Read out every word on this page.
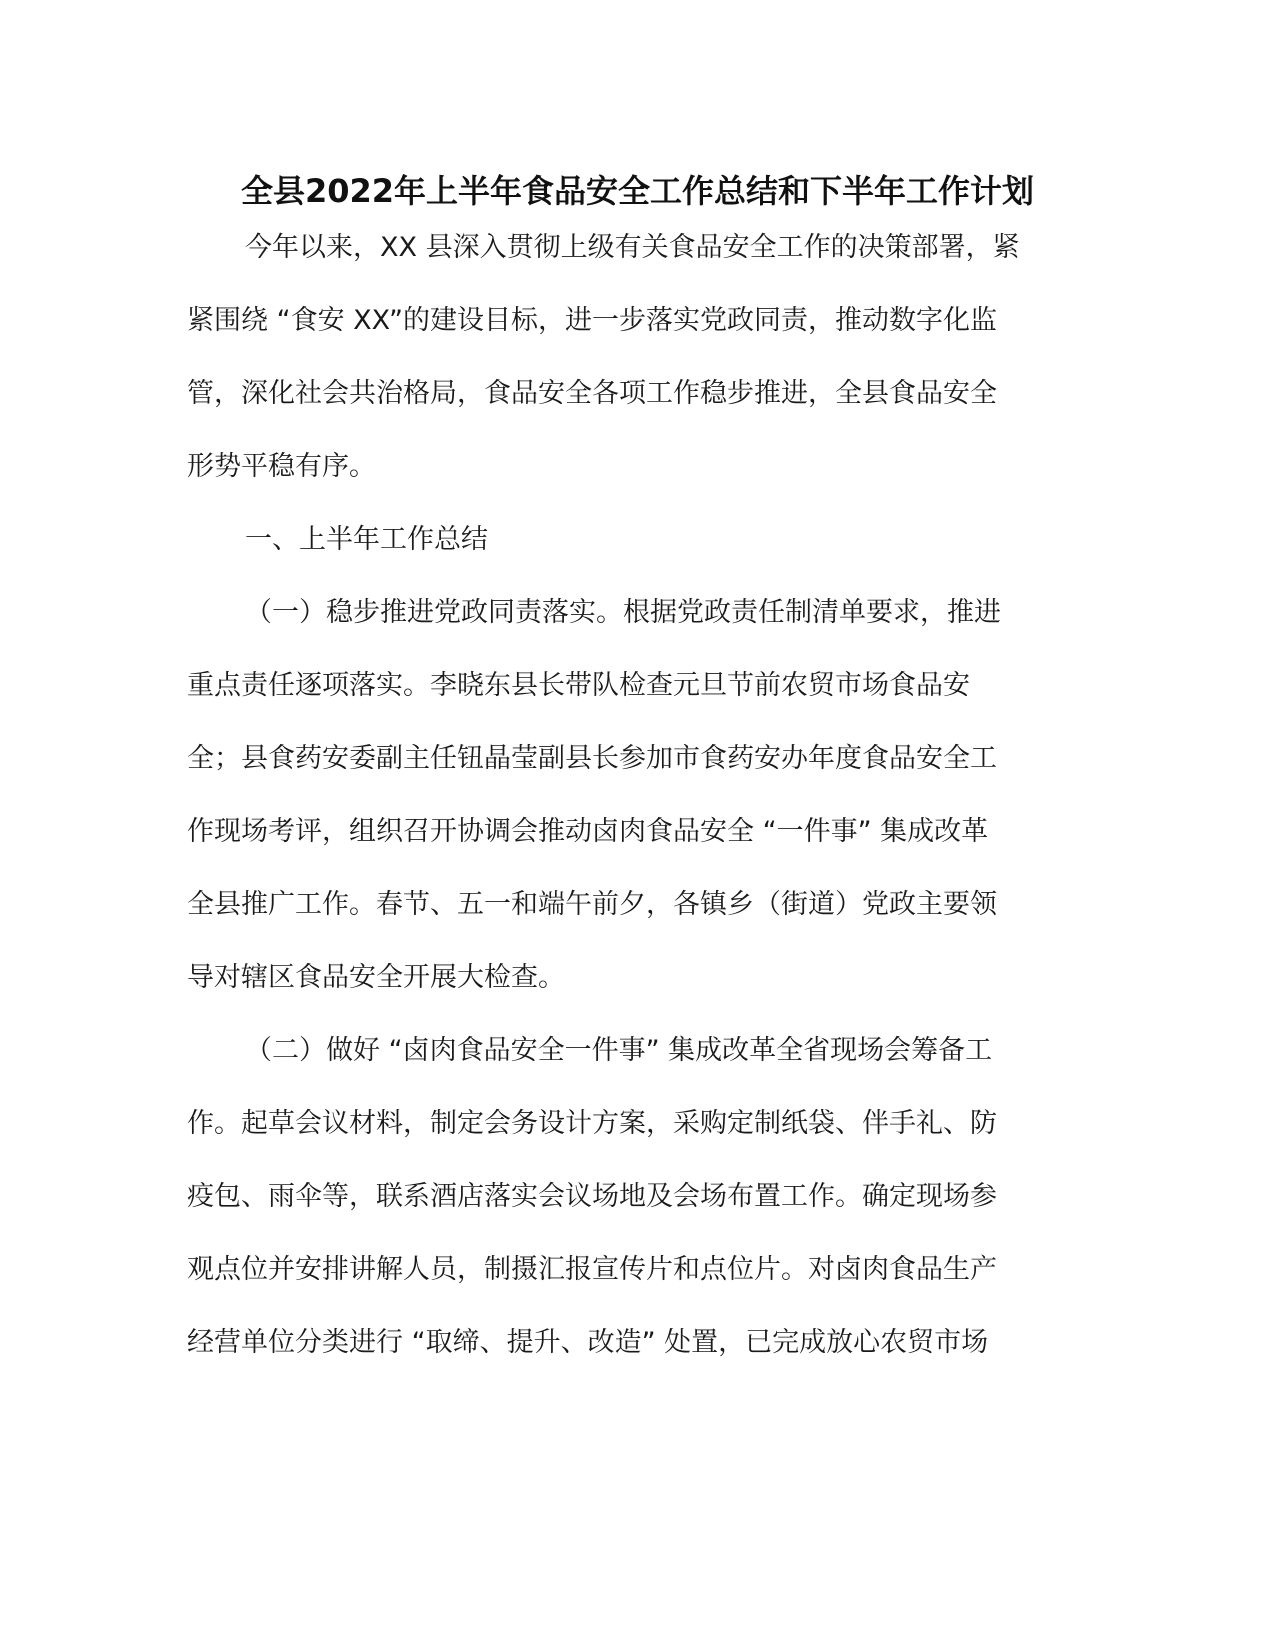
全县2022年上半年食品安全工作总结和下半年工作计划
今年以来，XX 县深入贯彻上级有关食品安全工作的决策部署，紧
紧围绕 “食安 XX”的建设目标，进一步落实党政同责，推动数字化监
管，深化社会共治格局，食品安全各项工作稳步推进，全县食品安全
形势平稳有序。
一、上半年工作总结
（一）稳步推进党政同责落实。根据党政责任制清单要求，推进
重点责任逐项落实。李晓东县长带队检查元旦节前农贸市场食品安
全；县食药安委副主任钮晶莹副县长参加市食药安办年度食品安全工
作现场考评，组织召开协调会推动卤肉食品安全 “一件事” 集成改革
全县推广工作。春节、五一和端午前夕，各镇乡（街道）党政主要领
导对辖区食品安全开展大检查。
（二）做好 “卤肉食品安全一件事” 集成改革全省现场会筹备工
作。起草会议材料，制定会务设计方案，采购定制纸袋、伴手礼、防
疫包、雨伞等，联系酒店落实会议场地及会场布置工作。确定现场参
观点位并安排讲解人员，制摄汇报宣传片和点位片。对卤肉食品生产
经营单位分类进行 “取缔、提升、改造” 处置，已完成放心农贸市场
